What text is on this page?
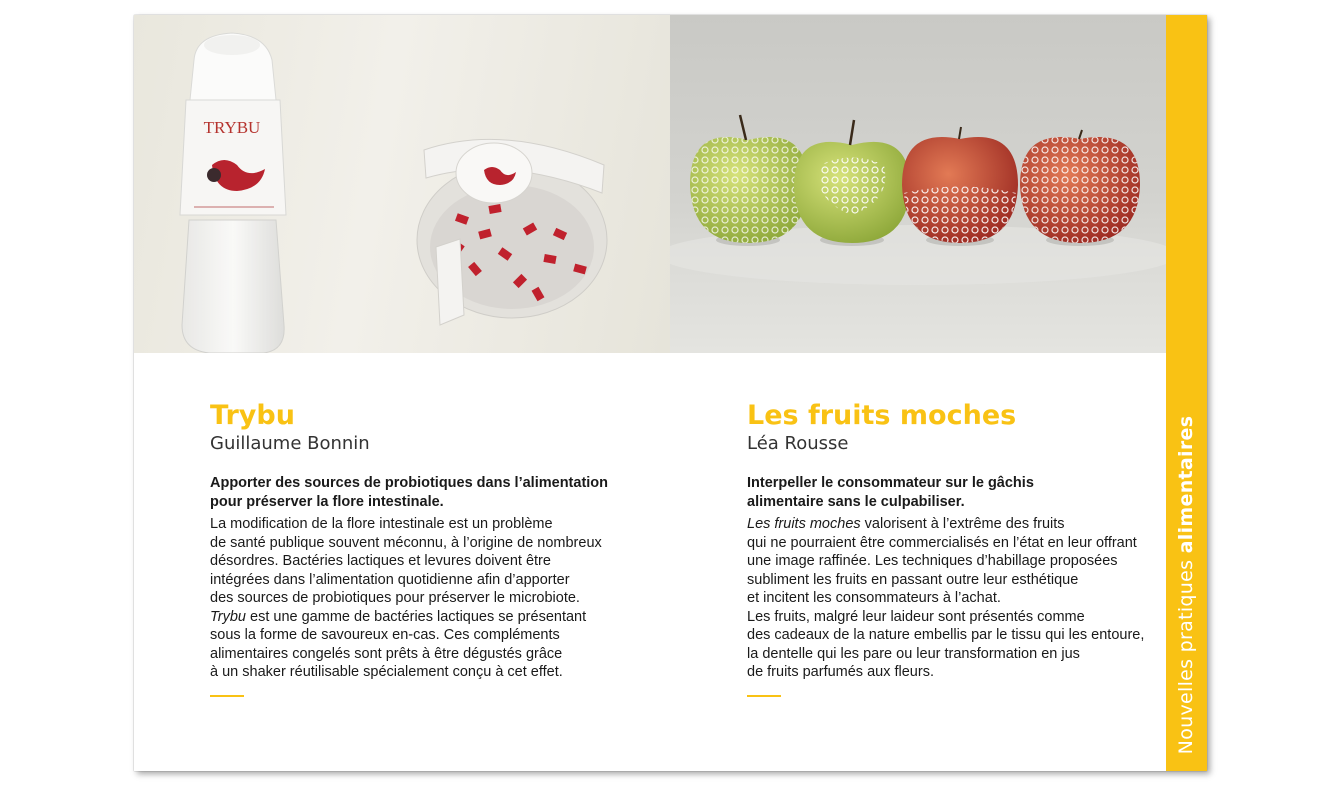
TRYBU
Nouvelles pratiques alimentaires
Trybu

Guillaume Bonnin

Apporter des sources de probiotiques dans l’alimentation
pour préserver la flore intestinale.

La modification de la flore intestinale est un problème
de santé publique souvent méconnu, à l’origine de nombreux
désordres. Bactéries lactiques et levures doivent être
intégrées dans l’alimentation quotidienne afin d’apporter
des sources de probiotiques pour préserver le microbiote.
Trybu est une gamme de bactéries lactiques se présentant
sous la forme de savoureux en-cas. Ces compléments
alimentaires congelés sont prêts à être dégustés grâce
à un shaker réutilisable spécialement conçu à cet effet.

Les fruits moches

Léa Rousse

Interpeller le consommateur sur le gâchis
alimentaire sans le culpabiliser.

Les fruits moches valorisent à l’extrême des fruits
qui ne pourraient être commercialisés en l’état en leur offrant
une image raffinée. Les techniques d’habillage proposées
subliment les fruits en passant outre leur esthétique
et incitent les consommateurs à l’achat.
Les fruits, malgré leur laideur sont présentés comme
des cadeaux de la nature embellis par le tissu qui les entoure,
la dentelle qui les pare ou leur transformation en jus
de fruits parfumés aux fleurs.
